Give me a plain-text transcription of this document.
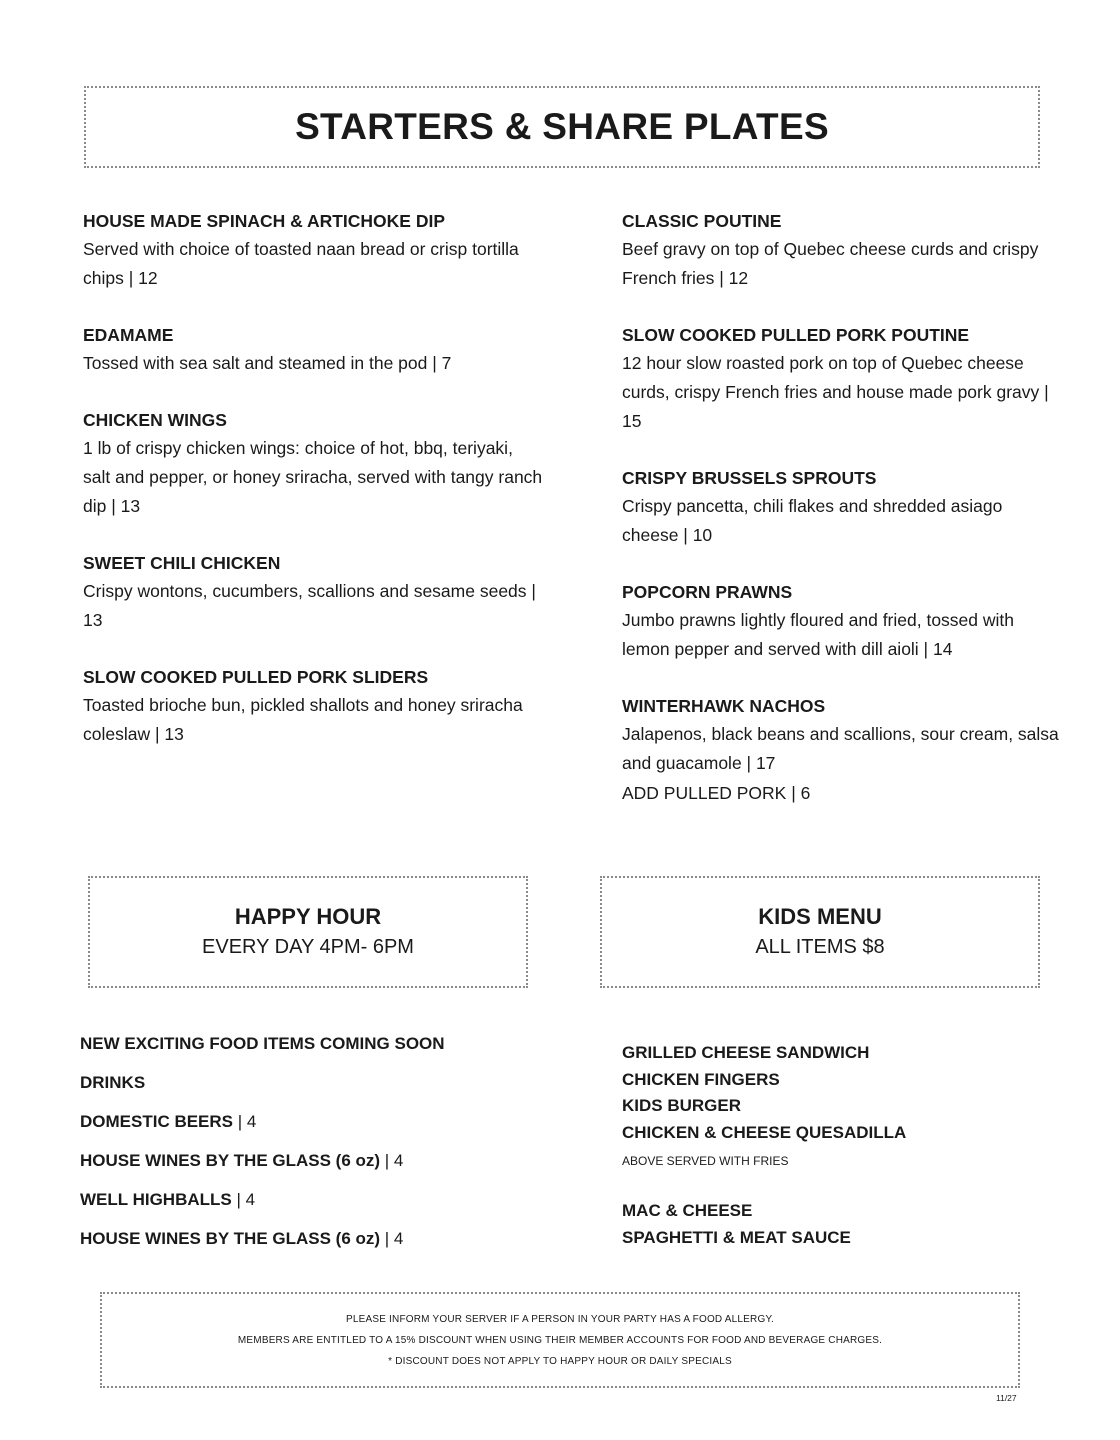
STARTERS & SHARE PLATES
HOUSE MADE SPINACH & ARTICHOKE DIP
Served with choice of toasted naan bread or crisp tortilla chips | 12
EDAMAME
Tossed with sea salt and steamed in the pod | 7
CHICKEN WINGS
1 lb of crispy chicken wings: choice of hot, bbq, teriyaki, salt and pepper, or honey sriracha, served with tangy ranch dip | 13
SWEET CHILI CHICKEN
Crispy wontons, cucumbers, scallions and sesame seeds | 13
SLOW COOKED PULLED PORK SLIDERS
Toasted brioche bun, pickled shallots and honey sriracha coleslaw | 13
CLASSIC POUTINE
Beef gravy on top of Quebec cheese curds and crispy French fries | 12
SLOW COOKED PULLED PORK POUTINE
12 hour slow roasted pork on top of Quebec cheese curds, crispy French fries and house made pork gravy | 15
CRISPY BRUSSELS SPROUTS
Crispy pancetta, chili flakes and shredded asiago cheese | 10
POPCORN PRAWNS
Jumbo prawns lightly floured and fried, tossed with lemon pepper and served with dill aioli | 14
WINTERHAWK NACHOS
Jalapenos, black beans and scallions, sour cream, salsa and guacamole | 17
ADD PULLED PORK | 6
HAPPY HOUR
EVERY DAY 4PM- 6PM
KIDS MENU
ALL ITEMS $8
NEW EXCITING FOOD ITEMS COMING SOON
DRINKS
DOMESTIC BEERS | 4
HOUSE WINES BY THE GLASS (6 oz) | 4
WELL HIGHBALLS | 4
HOUSE WINES BY THE GLASS (6 oz) | 4
GRILLED CHEESE SANDWICH
CHICKEN FINGERS
KIDS BURGER
CHICKEN & CHEESE QUESADILLA
ABOVE SERVED WITH FRIES
MAC & CHEESE
SPAGHETTI & MEAT SAUCE
PLEASE INFORM YOUR SERVER IF A PERSON IN YOUR PARTY HAS A FOOD ALLERGY.
MEMBERS ARE ENTITLED TO A 15% DISCOUNT WHEN USING THEIR MEMBER ACCOUNTS FOR FOOD AND BEVERAGE CHARGES.
* DISCOUNT DOES NOT APPLY TO HAPPY HOUR OR DAILY SPECIALS
11/27
